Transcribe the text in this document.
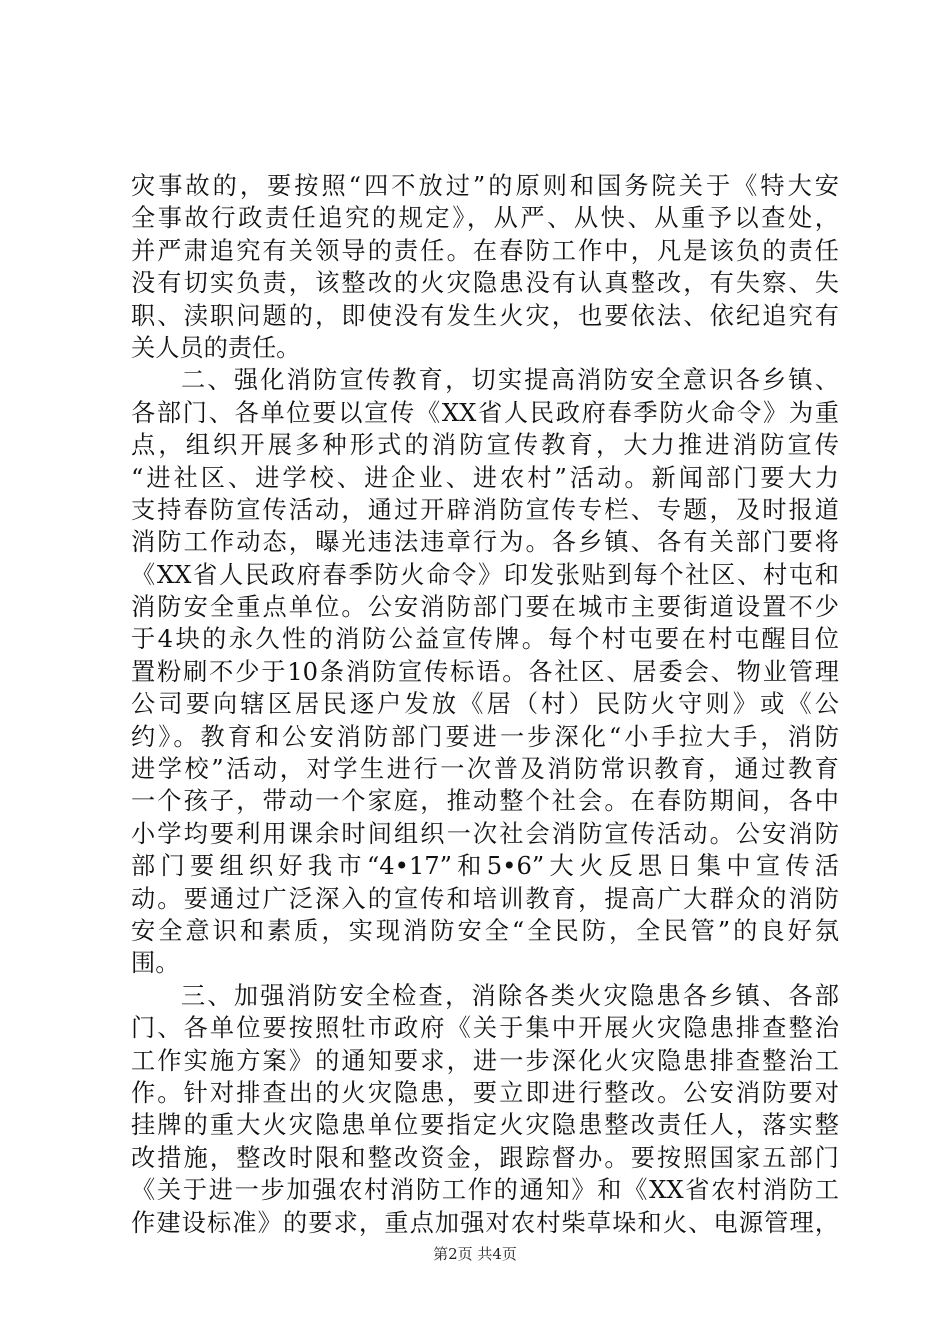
灾事故的，要按照“四不放过”的原则和国务院关于《特大安
全事故行政责任追究的规定》，从严、从快、从重予以查处，
并严肃追究有关领导的责任。在春防工作中，凡是该负的责任
没有切实负责，该整改的火灾隐患没有认真整改，有失察、失
职、渎职问题的，即使没有发生火灾，也要依法、依纪追究有
关人员的责任。
二、强化消防宣传教育，切实提高消防安全意识各乡镇、
各部门、各单位要以宣传《XX省人民政府春季防火命令》为重
点，组织开展多种形式的消防宣传教育，大力推进消防宣传
“进社区、进学校、进企业、进农村”活动。新闻部门要大力
支持春防宣传活动，通过开辟消防宣传专栏、专题，及时报道
消防工作动态，曝光违法违章行为。各乡镇、各有关部门要将
《XX省人民政府春季防火命令》印发张贴到每个社区、村屯和
消防安全重点单位。公安消防部门要在城市主要街道设置不少
于4块的永久性的消防公益宣传牌。每个村屯要在村屯醒目位
置粉刷不少于10条消防宣传标语。各社区、居委会、物业管理
公司要向辖区居民逐户发放《居（村）民防火守则》或《公
约》。教育和公安消防部门要进一步深化“小手拉大手，消防
进学校”活动，对学生进行一次普及消防常识教育，通过教育
一个孩子，带动一个家庭，推动整个社会。在春防期间，各中
小学均要利用课余时间组织一次社会消防宣传活动。公安消防
部门要组织好我市“4•17”和5•6”大火反思日集中宣传活
动。要通过广泛深入的宣传和培训教育，提高广大群众的消防
安全意识和素质，实现消防安全“全民防，全民管”的良好氛
围。
三、加强消防安全检查，消除各类火灾隐患各乡镇、各部
门、各单位要按照牡市政府《关于集中开展火灾隐患排查整治
工作实施方案》的通知要求，进一步深化火灾隐患排查整治工
作。针对排查出的火灾隐患，要立即进行整改。公安消防要对
挂牌的重大火灾隐患单位要指定火灾隐患整改责任人，落实整
改措施，整改时限和整改资金，跟踪督办。要按照国家五部门
《关于进一步加强农村消防工作的通知》和《XX省农村消防工
作建设标准》的要求，重点加强对农村柴草垛和火、电源管理，
第2页 共4页
